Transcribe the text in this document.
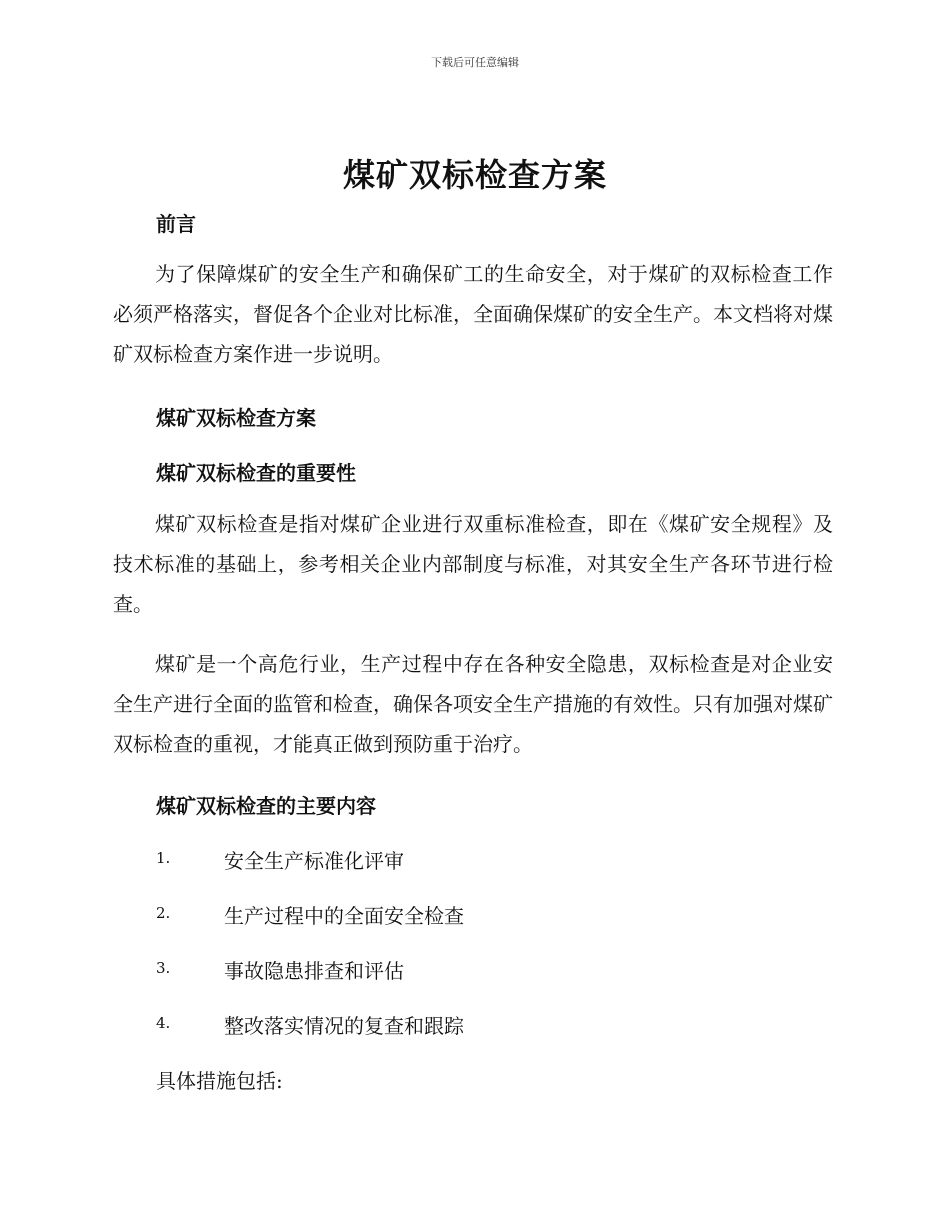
下载后可任意编辑
煤矿双标检查方案
前言

为了保障煤矿的安全生产和确保矿工的生命安全，对于煤矿的双标检查工作必须严格落实，督促各个企业对比标准，全面确保煤矿的安全生产。本文档将对煤矿双标检查方案作进一步说明。

煤矿双标检查方案
煤矿双标检查的重要性

煤矿双标检查是指对煤矿企业进行双重标准检查，即在《煤矿安全规程》及技术标准的基础上，参考相关企业内部制度与标准，对其安全生产各环节进行检查。

煤矿是一个高危行业，生产过程中存在各种安全隐患，双标检查是对企业安全生产进行全面的监管和检查，确保各项安全生产措施的有效性。只有加强对煤矿双标检查的重视，才能真正做到预防重于治疗。

煤矿双标检查的主要内容
1.	安全生产标准化评审
2.	生产过程中的全面安全检查
3.	事故隐患排查和评估
4.	整改落实情况的复查和跟踪
具体措施包括:
